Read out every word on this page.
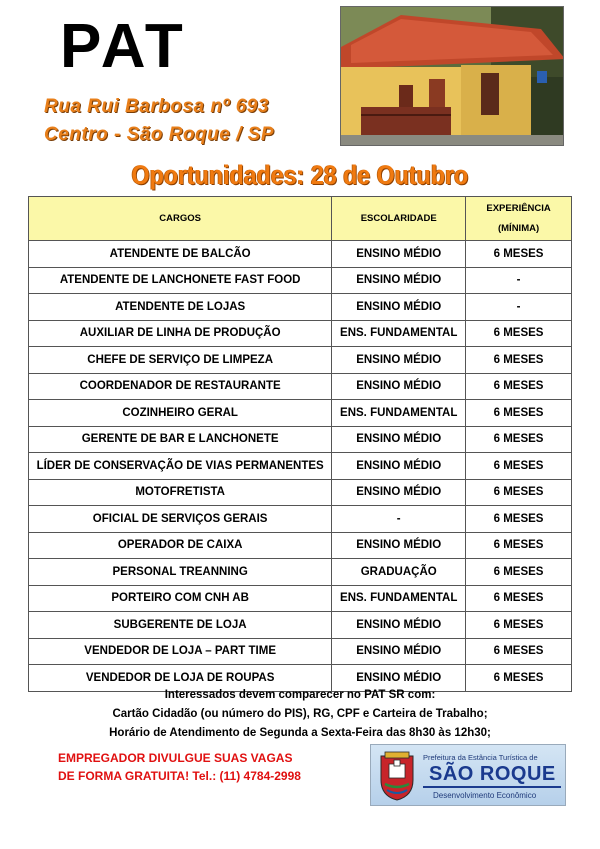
PAT
Rua Rui Barbosa nº 693
Centro - São Roque / SP
Oportunidades: 28 de Outubro
CARGOS	ESCOLARIDADE	EXPERIÊNCIA
(MÍNIMA)

ATENDENTE DE BALCÃO	ENSINO MÉDIO	6 MESES
ATENDENTE DE LANCHONETE FAST FOOD	ENSINO MÉDIO	-
ATENDENTE DE LOJAS	ENSINO MÉDIO	-
AUXILIAR DE LINHA DE PRODUÇÃO	ENS. FUNDAMENTAL	6 MESES
CHEFE DE SERVIÇO DE LIMPEZA	ENSINO MÉDIO	6 MESES
COORDENADOR DE RESTAURANTE	ENSINO MÉDIO	6 MESES
COZINHEIRO GERAL	ENS. FUNDAMENTAL	6 MESES
GERENTE DE BAR E LANCHONETE	ENSINO MÉDIO	6 MESES
LÍDER DE CONSERVAÇÃO DE VIAS PERMANENTES	ENSINO MÉDIO	6 MESES
MOTOFRETISTA	ENSINO MÉDIO	6 MESES
OFICIAL DE SERVIÇOS GERAIS	-	6 MESES
OPERADOR DE CAIXA	ENSINO MÉDIO	6 MESES
PERSONAL TREANNING	GRADUAÇÃO	6 MESES
PORTEIRO COM CNH AB	ENS. FUNDAMENTAL	6 MESES
SUBGERENTE DE LOJA	ENSINO MÉDIO	6 MESES
VENDEDOR DE LOJA – PART TIME	ENSINO MÉDIO	6 MESES
VENDEDOR DE LOJA DE ROUPAS	ENSINO MÉDIO	6 MESES
Interessados devem comparecer no PAT SR com:
Cartão Cidadão (ou número do PIS), RG, CPF e Carteira de Trabalho;
Horário de Atendimento de Segunda a Sexta-Feira das 8h30 às 12h30;
EMPREGADOR DIVULGUE SUAS VAGAS
DE FORMA GRATUITA! Tel.: (11) 4784-2998
Prefeitura da Estância Turística de
SÃO ROQUE
Desenvolvimento Econômico
